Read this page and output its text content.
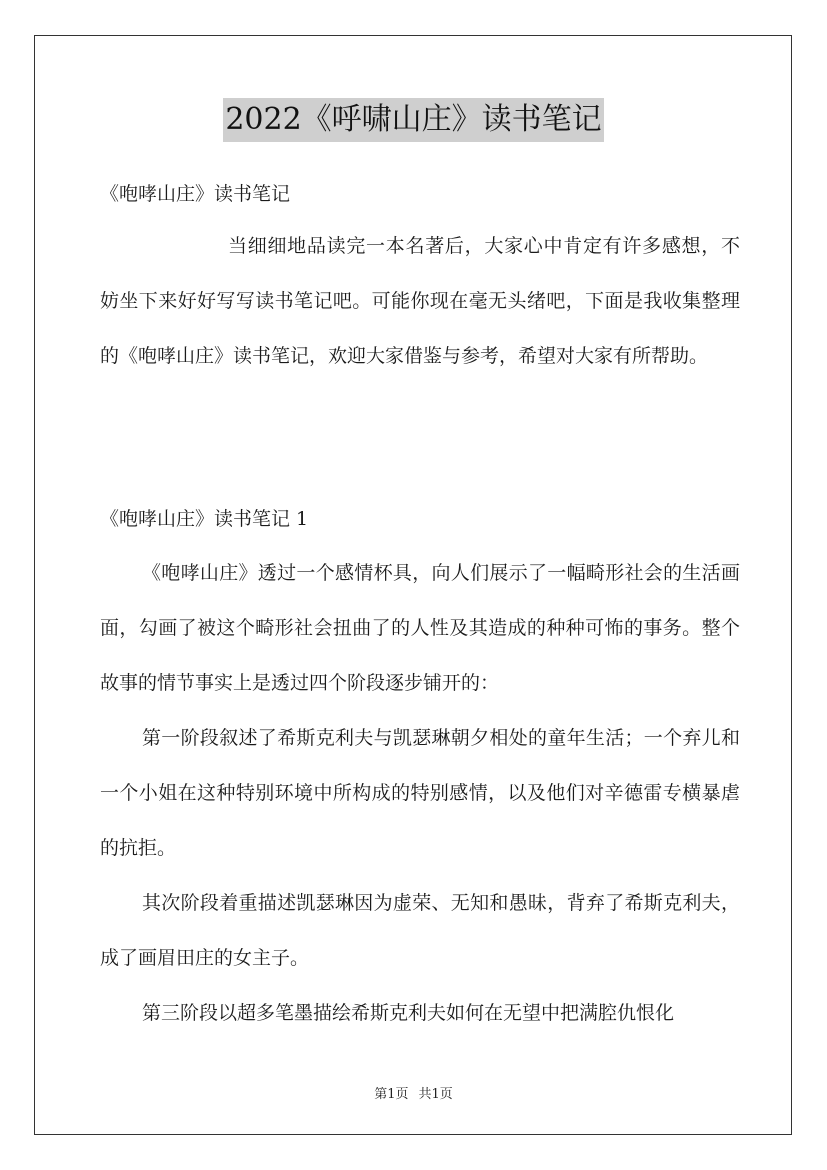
2022《呼啸山庄》读书笔记
《咆哮山庄》读书笔记

当细细地品读完一本名著后，大家心中肯定有许多感想，不妨坐下来好好写写读书笔记吧。可能你现在毫无头绪吧，下面是我收集整理的《咆哮山庄》读书笔记，欢迎大家借鉴与参考，希望对大家有所帮助。

《咆哮山庄》读书笔记 1

《咆哮山庄》透过一个感情杯具，向人们展示了一幅畸形社会的生活画面，勾画了被这个畸形社会扭曲了的人性及其造成的种种可怖的事务。整个故事的情节事实上是透过四个阶段逐步铺开的：

第一阶段叙述了希斯克利夫与凯瑟琳朝夕相处的童年生活；一个弃儿和一个小姐在这种特别环境中所构成的特别感情，以及他们对辛德雷专横暴虐的抗拒。

其次阶段着重描述凯瑟琳因为虚荣、无知和愚昧，背弃了希斯克利夫，成了画眉田庄的女主子。

第三阶段以超多笔墨描绘希斯克利夫如何在无望中把满腔仇恨化

第1页 共1页
